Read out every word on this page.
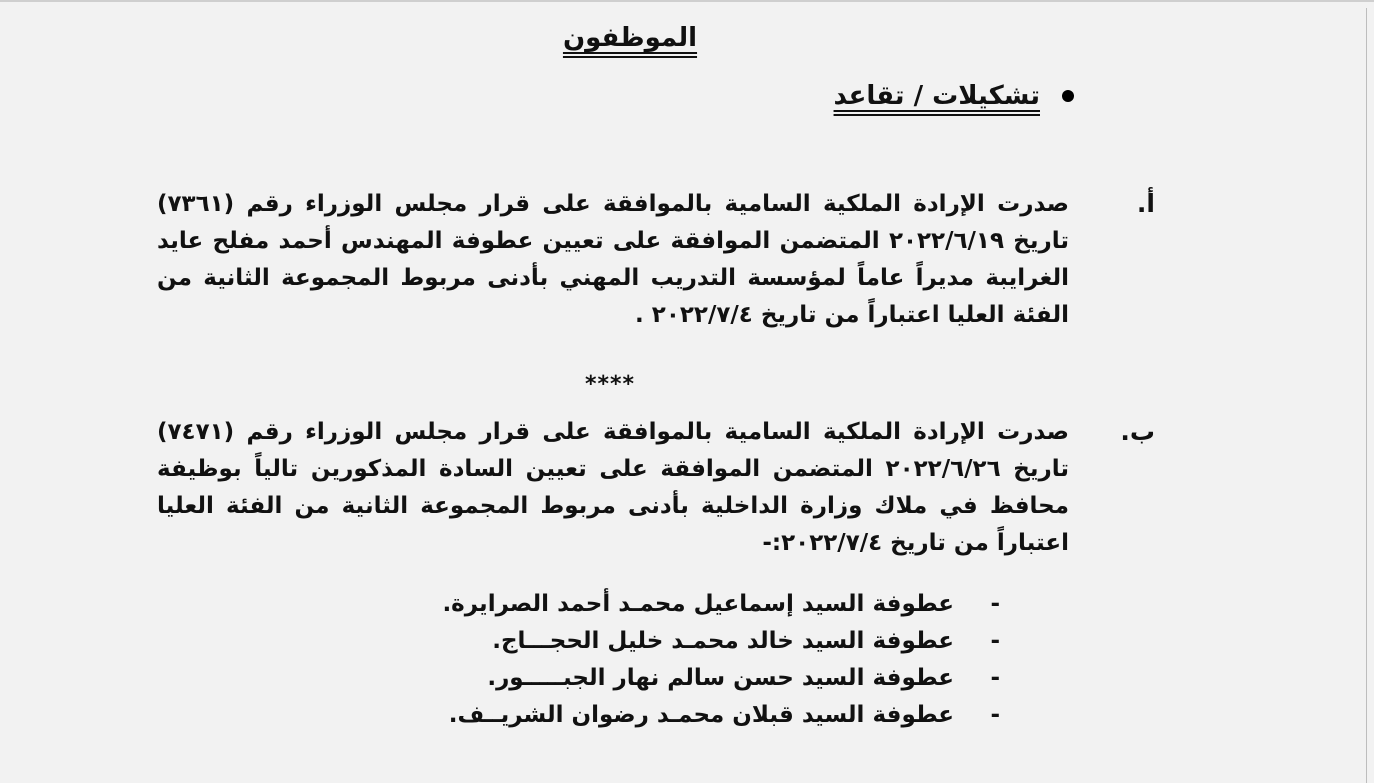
الموظفون
تشكيلات / تقاعد
أ.

صدرت الإرادة الملكية السامية بالموافقة على قرار مجلس الوزراء رقم (٧٣٦١) تاريخ ٢٠٢٢/٦/١٩ المتضمن الموافقة على تعيين عطوفة المهندس أحمد مفلح عايد الغرايبة مديراً عاماً لمؤسسة التدريب المهني بأدنى مربوط المجموعة الثانية من الفئة العليا اعتباراً من تاريخ ٢٠٢٢/٧/٤ .

****
ب.

صدرت الإرادة الملكية السامية بالموافقة على قرار مجلس الوزراء رقم (٧٤٧١) تاريخ ٢٠٢٢/٦/٢٦ المتضمن الموافقة على تعيين السادة المذكورين تالياً بوظيفة محافظ في ملاك وزارة الداخلية بأدنى مربوط المجموعة الثانية من الفئة العليا اعتباراً من تاريخ ٢٠٢٢/٧/٤:-

-
عطوفة السيد إسماعيل محمـد أحمد الصرايرة.
-
عطوفة السيد خالد محمـد خليل الحجـــاج.
-
عطوفة السيد حسن سالم نهار الجبـــــور.
-
عطوفة السيد قبلان محمـد رضوان الشريــف.
